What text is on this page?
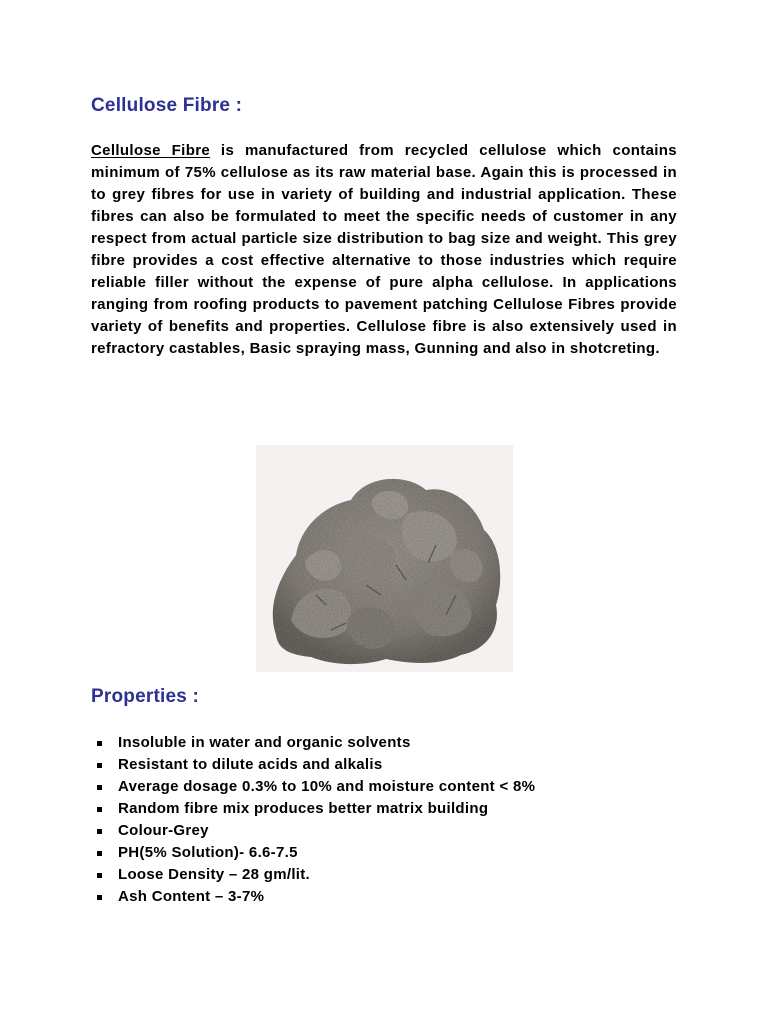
Cellulose Fibre :

Cellulose Fibre is manufactured from recycled cellulose which contains minimum of 75% cellulose as its raw material base. Again this is processed in to grey fibres for use in variety of building and industrial application. These fibres can also be formulated to meet the specific needs of customer in any respect from actual particle size distribution to bag size and weight. This grey fibre provides a cost effective alternative to those industries which require reliable filler without the expense of pure alpha cellulose. In applications ranging from roofing products to pavement patching Cellulose Fibres provide variety of benefits and properties. Cellulose fibre is also extensively used in refractory castables, Basic spraying mass, Gunning and also in shotcreting.

Properties :
Insoluble in water and organic solvents
Resistant to dilute acids and alkalis
Average dosage 0.3% to 10% and moisture content < 8%
Random fibre mix produces better matrix building
Colour-Grey
PH(5% Solution)- 6.6-7.5
Loose Density – 28 gm/lit.
Ash Content – 3-7%
